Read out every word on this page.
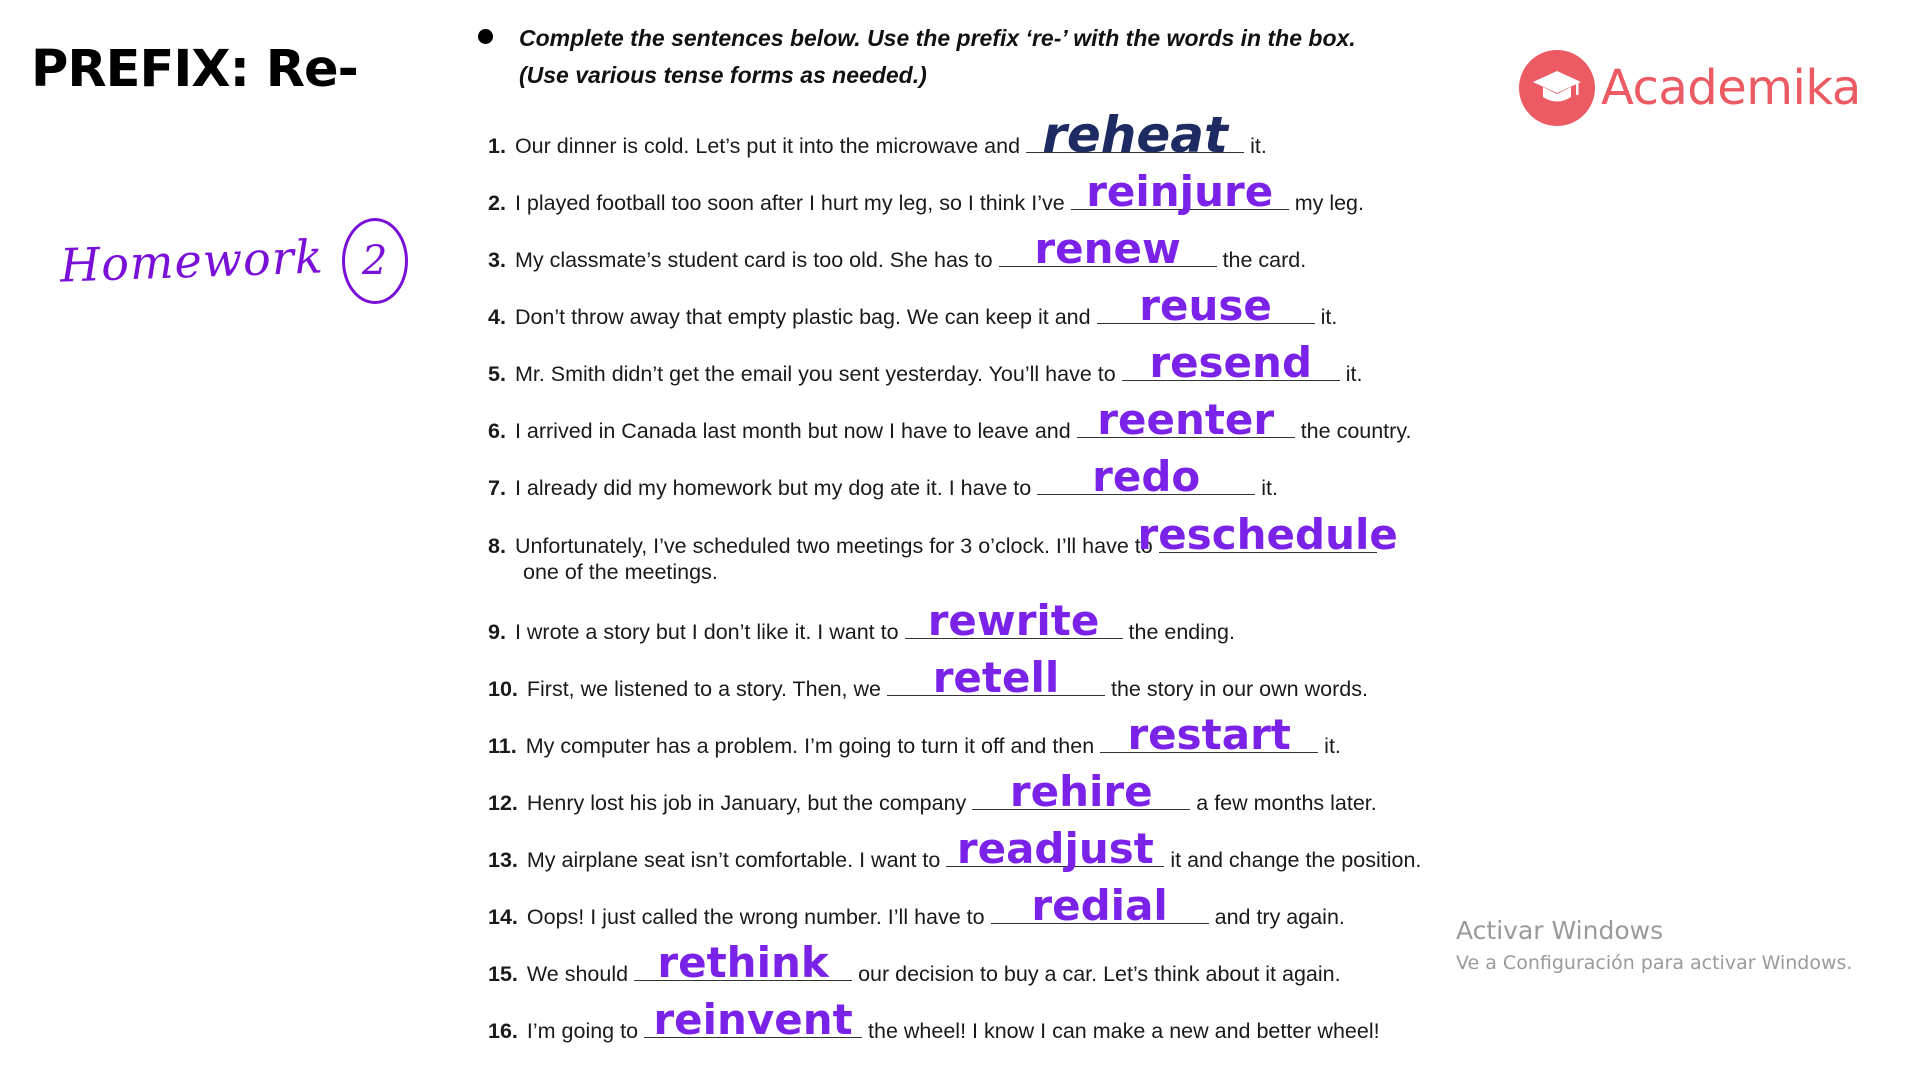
PREFIX: Re-
Homework 2
Academika
Complete the sentences below. Use the prefix ‘re-’ with the words in the box.
(Use various tense forms as needed.)
1. Our dinner is cold. Let’s put it into the microwave and reheat it.
2. I played football too soon after I hurt my leg, so I think I’ve reinjure my leg.
3. My classmate’s student card is too old. She has to renew the card.
4. Don’t throw away that empty plastic bag. We can keep it and reuse it.
5. Mr. Smith didn’t get the email you sent yesterday. You’ll have to resend it.
6. I arrived in Canada last month but now I have to leave and reenter the country.
7. I already did my homework but my dog ate it. I have to redo	it.
8. Unfortunately, I’ve scheduled two meetings for 3 o’clock. I’ll have to
reschedule
one of the meetings.
9. I wrote a story but I don’t like it. I want to rewrite the ending.
10. First, we listened to a story. Then, we retell the story in our own words.
11. My computer has a problem. I’m going to turn it off and then restart it.
12. Henry lost his job in January, but the company rehire a few months later.
13. My airplane seat isn’t comfortable. I want to readjust it and change the position.
14. Oops! I just called the wrong number. I’ll have to redial and try again.
15. We should rethink our decision to buy a car. Let’s think about it again.
16. I’m going to reinvent the wheel! I know I can make a new and better wheel!
Activar Windows
Ve a Configuración para activar Windows.
